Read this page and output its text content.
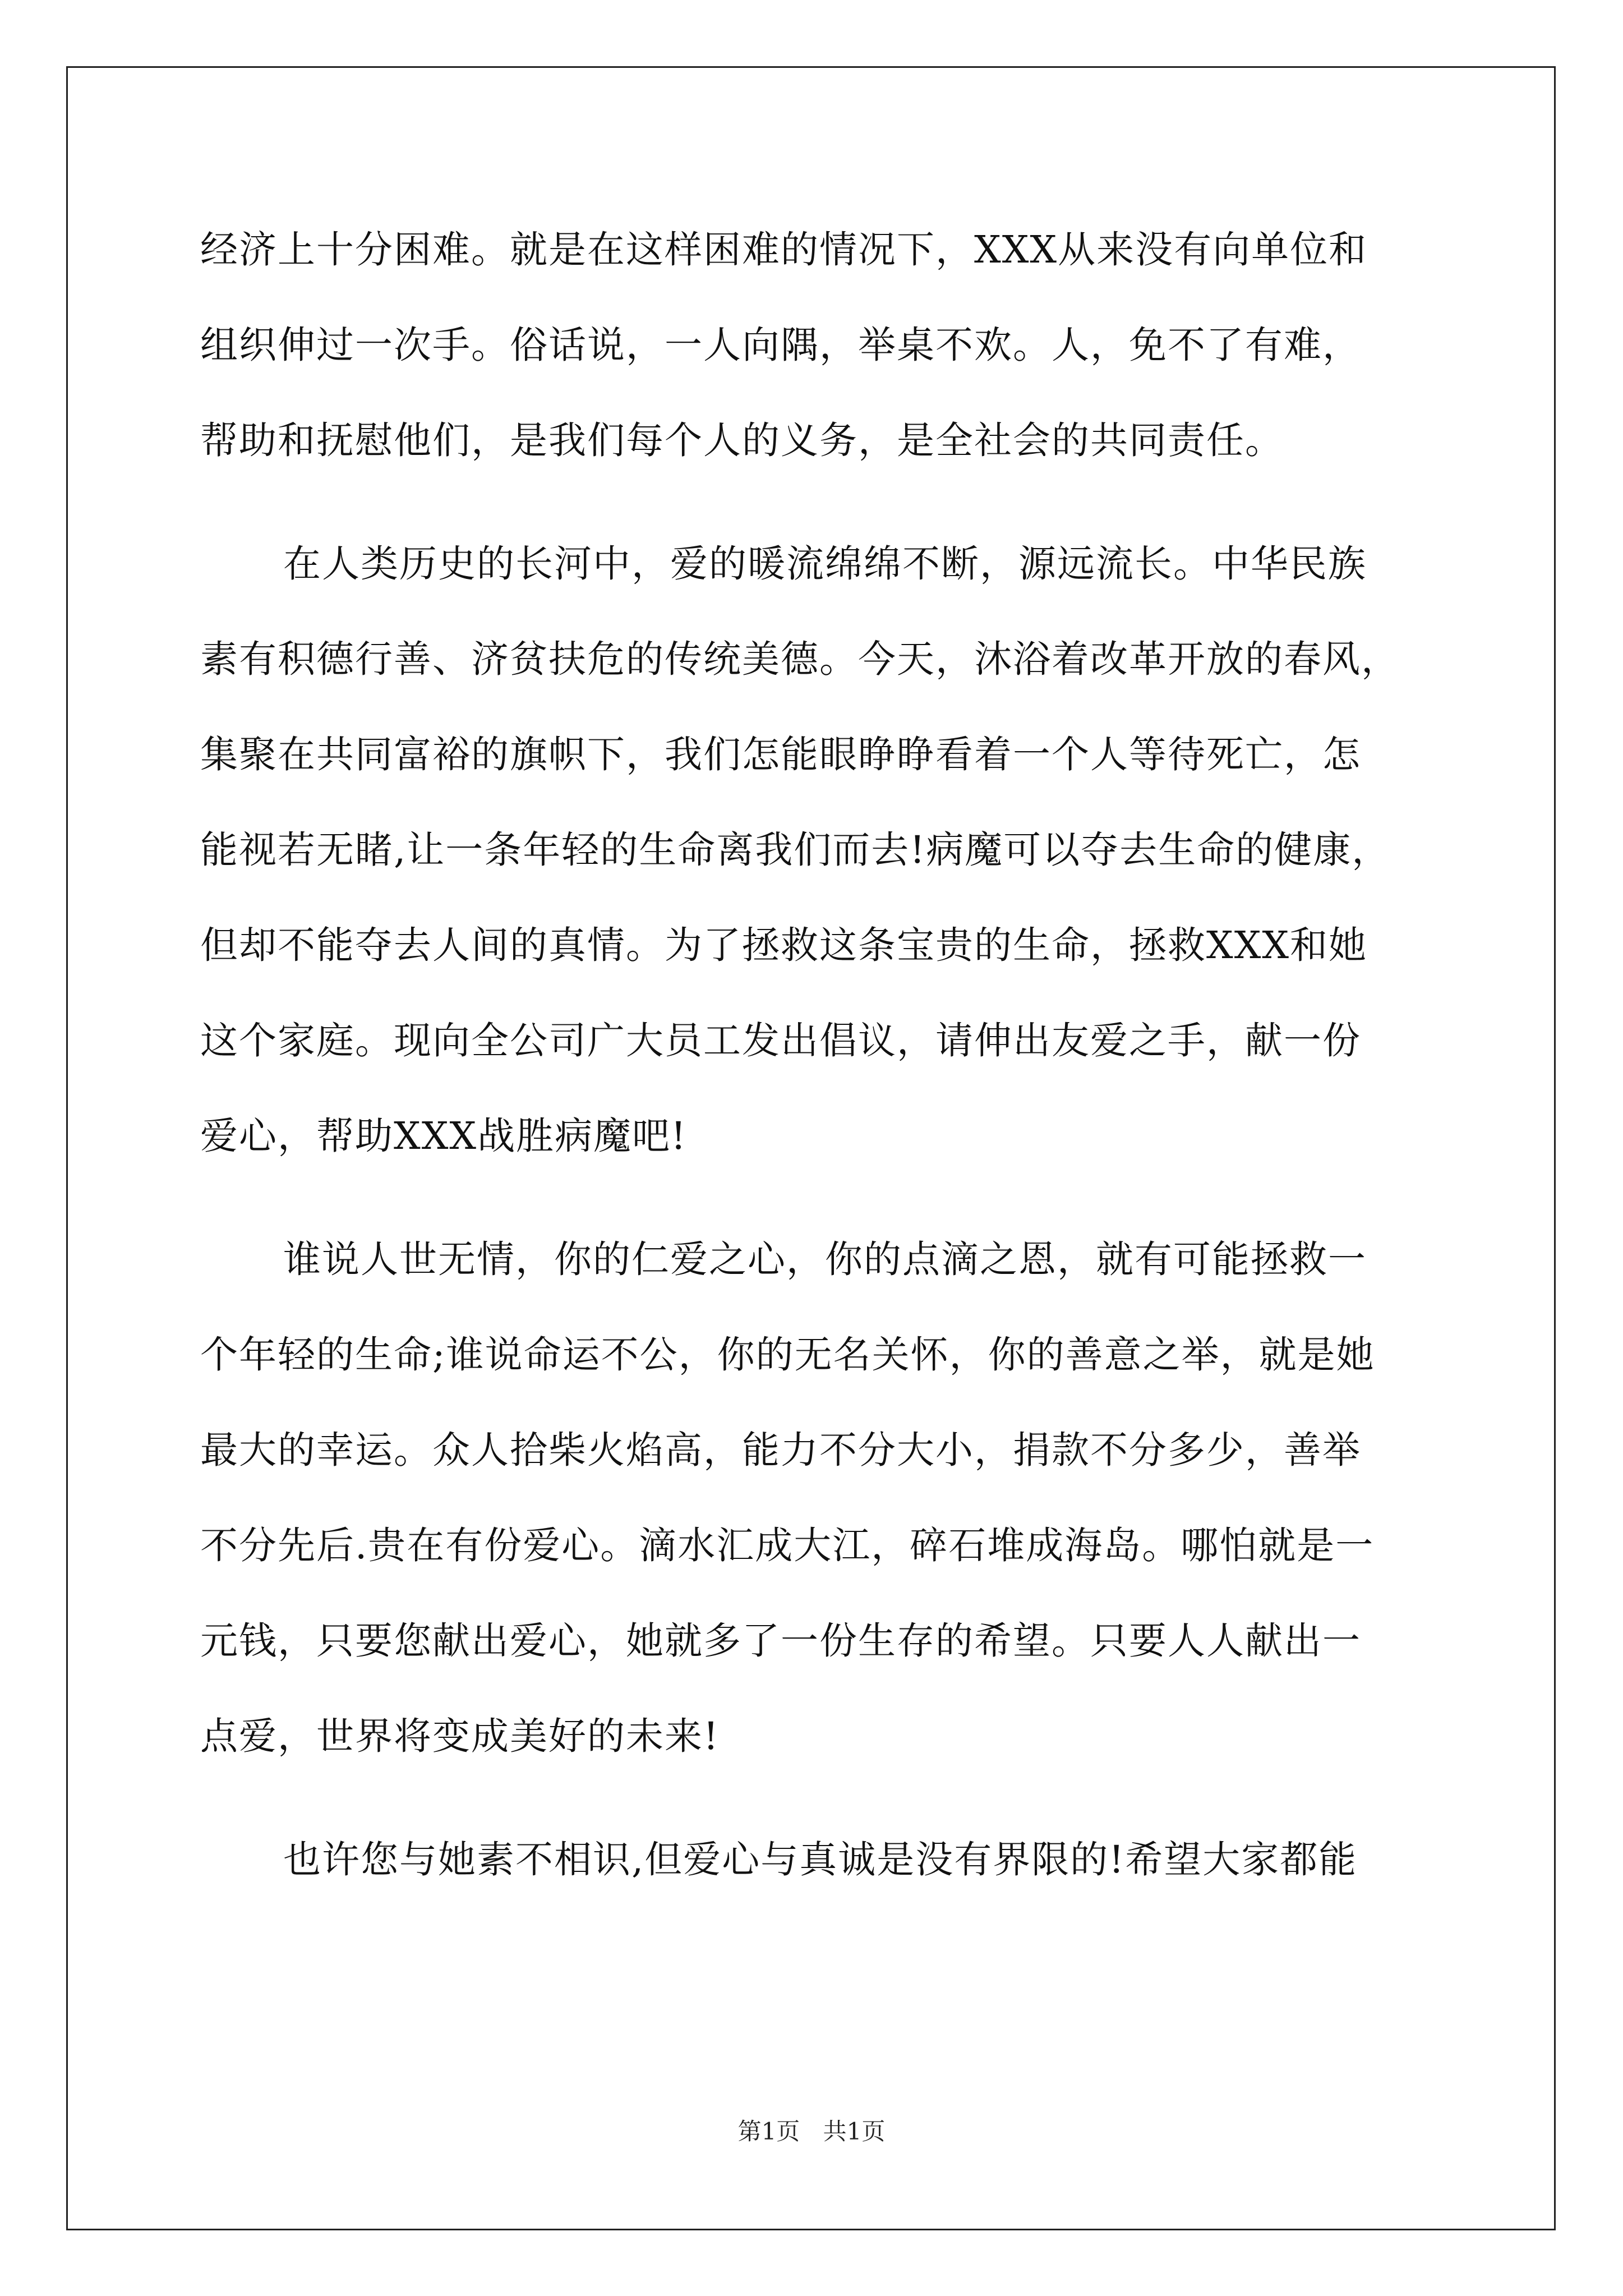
经济上十分困难。就是在这样困难的情况下，XXX从来没有向单位和
组织伸过一次手。俗话说，一人向隅，举桌不欢。人，免不了有难，
帮助和抚慰他们，是我们每个人的义务，是全社会的共同责任。
在人类历史的长河中，爱的暖流绵绵不断，源远流长。中华民族
素有积德行善、济贫扶危的传统美德。今天，沐浴着改革开放的春风，
集聚在共同富裕的旗帜下，我们怎能眼睁睁看着一个人等待死亡，怎
能视若无睹,让一条年轻的生命离我们而去!病魔可以夺去生命的健康，
但却不能夺去人间的真情。为了拯救这条宝贵的生命，拯救XXX和她
这个家庭。现向全公司广大员工发出倡议，请伸出友爱之手，献一份
爱心，帮助XXX战胜病魔吧!
谁说人世无情，你的仁爱之心，你的点滴之恩，就有可能拯救一
个年轻的生命;谁说命运不公，你的无名关怀，你的善意之举，就是她
最大的幸运。众人拾柴火焰高，能力不分大小，捐款不分多少，善举
不分先后.贵在有份爱心。滴水汇成大江，碎石堆成海岛。哪怕就是一
元钱，只要您献出爱心，她就多了一份生存的希望。只要人人献出一
点爱，世界将变成美好的未来!
也许您与她素不相识,但爱心与真诚是没有界限的!希望大家都能
第1页 共1页
